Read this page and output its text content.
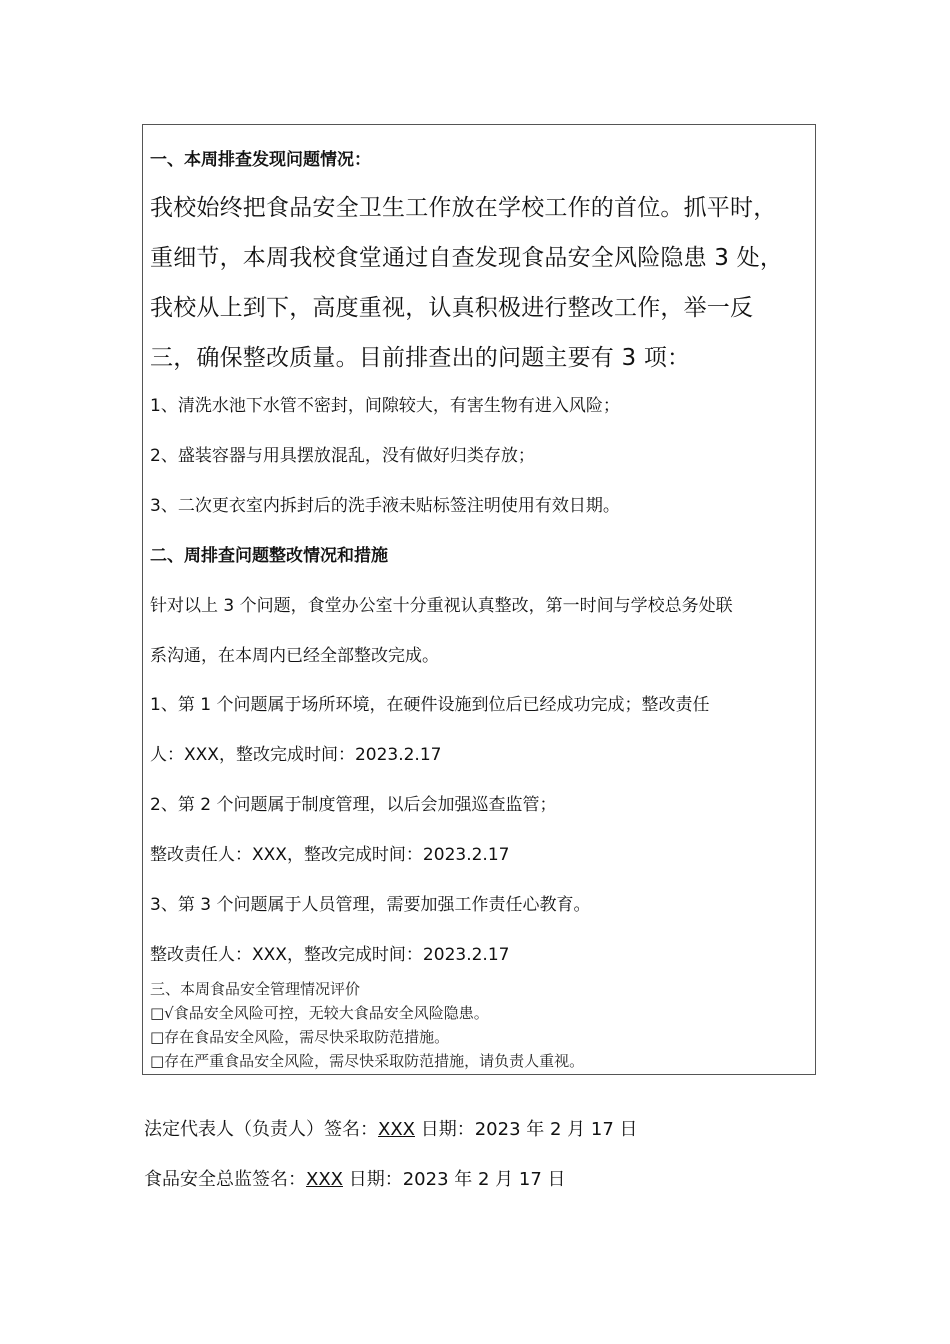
一、本周排查发现问题情况：
我校始终把食品安全卫生工作放在学校工作的首位。抓平时，
重细节，本周我校食堂通过自查发现食品安全风险隐患 3 处，
我校从上到下，高度重视，认真积极进行整改工作，举一反
三，确保整改质量。目前排查出的问题主要有 3 项：
1、清洗水池下水管不密封，间隙较大，有害生物有进入风险；
2、盛装容器与用具摆放混乱，没有做好归类存放；
3、二次更衣室内拆封后的洗手液未贴标签注明使用有效日期。
二、周排查问题整改情况和措施
针对以上 3 个问题，食堂办公室十分重视认真整改，第一时间与学校总务处联
系沟通，在本周内已经全部整改完成。
1、第 1 个问题属于场所环境，在硬件设施到位后已经成功完成；整改责任
人：XXX，整改完成时间：2023.2.17
2、第 2 个问题属于制度管理，以后会加强巡查监管；
整改责任人：XXX，整改完成时间：2023.2.17
3、第 3 个问题属于人员管理，需要加强工作责任心教育。
整改责任人：XXX，整改完成时间：2023.2.17
三、本周食品安全管理情况评价
□√食品安全风险可控，无较大食品安全风险隐患。
□存在食品安全风险，需尽快采取防范措施。
□存在严重食品安全风险，需尽快采取防范措施，请负责人重视。
法定代表人（负责人）签名：XXX 日期：2023 年 2 月 17 日
食品安全总监签名：XXX 日期：2023 年 2 月 17 日
